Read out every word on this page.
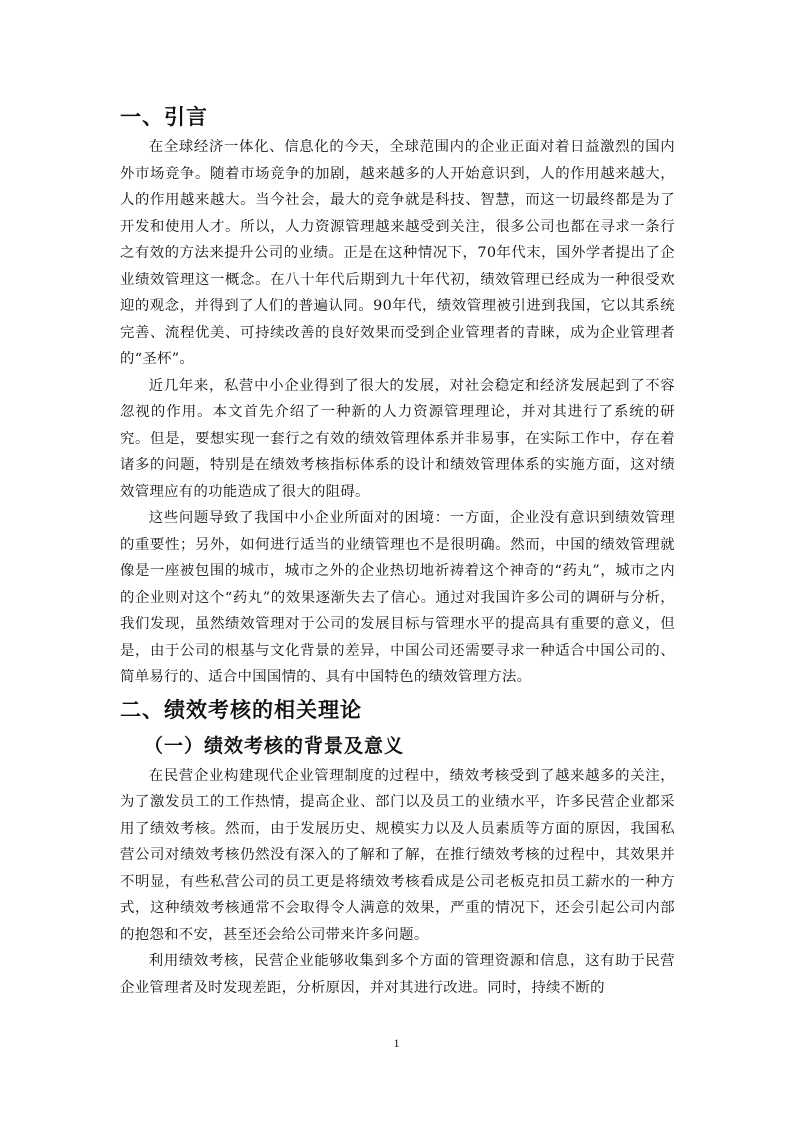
一、引言

在全球经济一体化、信息化的今天，全球范围内的企业正面对着日益激烈的国内外市场竞争。随着市场竞争的加剧，越来越多的人开始意识到，人的作用越来越大，人的作用越来越大。当今社会，最大的竞争就是科技、智慧，而这一切最终都是为了开发和使用人才。所以，人力资源管理越来越受到关注，很多公司也都在寻求一条行之有效的方法来提升公司的业绩。正是在这种情况下，70年代末，国外学者提出了企业绩效管理这一概念。在八十年代后期到九十年代初，绩效管理已经成为一种很受欢迎的观念，并得到了人们的普遍认同。90年代，绩效管理被引进到我国，它以其系统完善、流程优美、可持续改善的良好效果而受到企业管理者的青睐，成为企业管理者的“圣杯”。

近几年来，私营中小企业得到了很大的发展，对社会稳定和经济发展起到了不容忽视的作用。本文首先介绍了一种新的人力资源管理理论，并对其进行了系统的研究。但是，要想实现一套行之有效的绩效管理体系并非易事，在实际工作中，存在着诸多的问题，特别是在绩效考核指标体系的设计和绩效管理体系的实施方面，这对绩效管理应有的功能造成了很大的阻碍。

这些问题导致了我国中小企业所面对的困境：一方面，企业没有意识到绩效管理的重要性；另外，如何进行适当的业绩管理也不是很明确。然而，中国的绩效管理就像是一座被包围的城市，城市之外的企业热切地祈祷着这个神奇的“药丸”，城市之内的企业则对这个“药丸”的效果逐渐失去了信心。通过对我国许多公司的调研与分析，我们发现，虽然绩效管理对于公司的发展目标与管理水平的提高具有重要的意义，但是，由于公司的根基与文化背景的差异，中国公司还需要寻求一种适合中国公司的、简单易行的、适合中国国情的、具有中国特色的绩效管理方法。

二、绩效考核的相关理论
（一）绩效考核的背景及意义

在民营企业构建现代企业管理制度的过程中，绩效考核受到了越来越多的关注，为了激发员工的工作热情，提高企业、部门以及员工的业绩水平，许多民营企业都采用了绩效考核。然而，由于发展历史、规模实力以及人员素质等方面的原因，我国私营公司对绩效考核仍然没有深入的了解和了解，在推行绩效考核的过程中，其效果并不明显，有些私营公司的员工更是将绩效考核看成是公司老板克扣员工薪水的一种方式，这种绩效考核通常不会取得令人满意的效果，严重的情况下，还会引起公司内部的抱怨和不安，甚至还会给公司带来许多问题。

利用绩效考核，民营企业能够收集到多个方面的管理资源和信息，这有助于民营企业管理者及时发现差距，分析原因，并对其进行改进。同时，持续不断的

1
